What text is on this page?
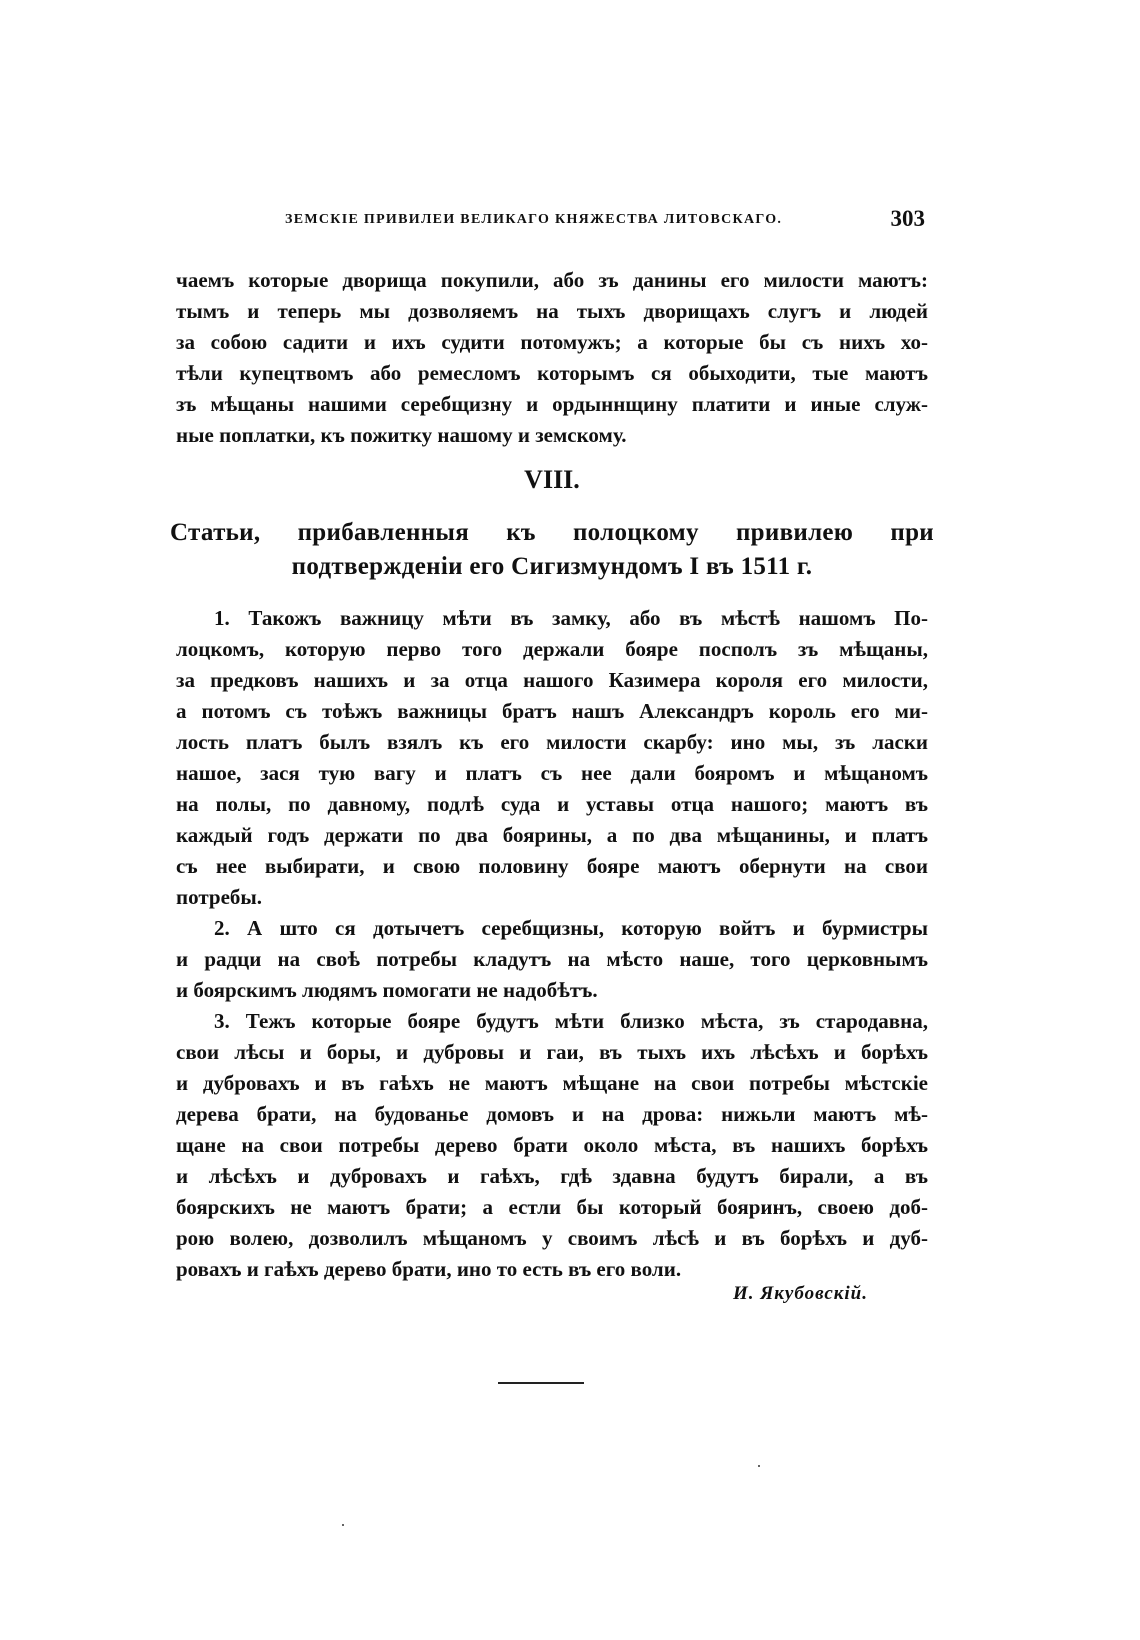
ЗЕМСКІЕ ПРИВИЛЕИ ВЕЛИКАГО КНЯЖЕСТВА ЛИТОВСКАГО.	303
чаемъ которые дворища покупили, або зъ данины его милости маютъ:
тымъ и теперь мы дозволяемъ на тыхъ дворищахъ слугъ и людей
за собою садити и ихъ судити потомужъ; а которые бы съ нихъ хо-
тѣли купецтвомъ або ремесломъ которымъ ся обыходити, тые маютъ
зъ мѣщаны нашими серебщизну и ордыннщину платити и иные служ-
ные поплатки, къ пожитку нашому и земскому.
VIII.
Статьи, прибавленныя къ полоцкому привилею при
подтвержденіи его Сигизмундомъ I въ 1511 г.
1. Такожъ важницу мѣти въ замку, або въ мѣстѣ нашомъ По-
лоцкомъ, которую перво того держали бояре посполъ зъ мѣщаны,
за предковъ нашихъ и за отца нашого Казимера короля его милости,
а потомъ съ тоѣжъ важницы братъ нашъ Александръ король его ми-
лость платъ былъ взялъ къ его милости скарбу: ино мы, зъ ласки
нашое, зася тую вагу и платъ съ нее дали бояромъ и мѣщаномъ
на полы, по давному, подлѣ суда и уставы отца нашого; маютъ въ
каждый годъ держати по два боярины, а по два мѣщанины, и платъ
съ нее выбирати, и свою половину бояре маютъ обернути на свои
потребы.
2. А што ся дотычетъ серебщизны, которую войтъ и бурмистры
и радци на своѣ потребы кладутъ на мѣсто наше, того церковнымъ
и боярскимъ людямъ помогати не надобѣтъ.
3. Тежъ которые бояре будутъ мѣти близко мѣста, зъ стародавна,
свои лѣсы и боры, и дубровы и гаи, въ тыхъ ихъ лѣсѣхъ и борѣхъ
и дубровахъ и въ гаѣхъ не маютъ мѣщане на свои потребы мѣстскіе
дерева брати, на будованье домовъ и на дрова: нижьли маютъ мѣ-
щане на свои потребы дерево брати около мѣста, въ нашихъ борѣхъ
и лѣсѣхъ и дубровахъ и гаѣхъ, гдѣ здавна будутъ бирали, а въ
боярскихъ не маютъ брати; а естли бы который бояринъ, своею доб-
рою волею, дозволилъ мѣщаномъ у своимъ лѣсѣ и въ борѣхъ и дуб-
ровахъ и гаѣхъ дерево брати, ино то есть въ его воли.
И. Якубовскій.
